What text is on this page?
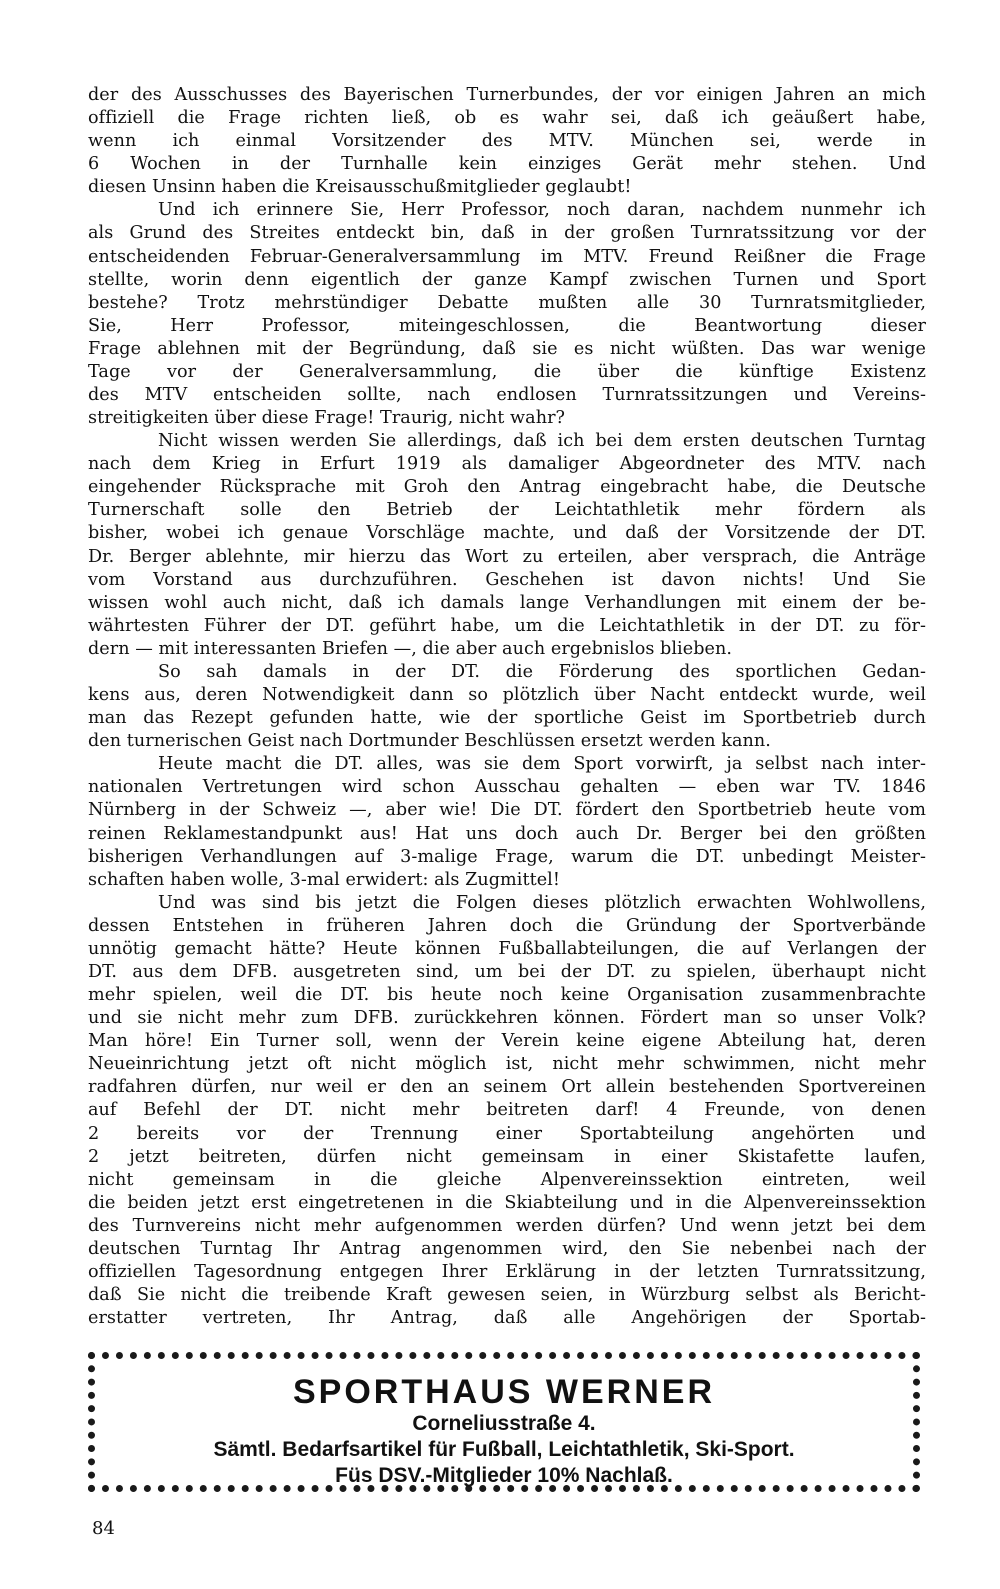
der des Ausschusses des Bayerischen Turnerbundes, der vor einigen Jahren an mich
offiziell die Frage richten ließ, ob es wahr sei, daß ich geäußert habe,
wenn ich einmal Vorsitzender des MTV. München sei, werde in
6 Wochen in der Turnhalle kein einziges Gerät mehr stehen. Und
diesen Unsinn haben die Kreisausschußmitglieder geglaubt!
Und ich erinnere Sie, Herr Professor, noch daran, nachdem nunmehr ich
als Grund des Streites entdeckt bin, daß in der großen Turnratssitzung vor der
entscheidenden Februar-Generalversammlung im MTV. Freund Reißner die Frage
stellte, worin denn eigentlich der ganze Kampf zwischen Turnen und Sport
bestehe? Trotz mehrstündiger Debatte mußten alle 30 Turnratsmitglieder,
Sie, Herr Professor, miteingeschlossen, die Beantwortung dieser
Frage ablehnen mit der Begründung, daß sie es nicht wüßten. Das war wenige
Tage vor der Generalversammlung, die über die künftige Existenz
des MTV entscheiden sollte, nach endlosen Turnratssitzungen und Vereins-
streitigkeiten über diese Frage! Traurig, nicht wahr?
Nicht wissen werden Sie allerdings, daß ich bei dem ersten deutschen Turntag
nach dem Krieg in Erfurt 1919 als damaliger Abgeordneter des MTV. nach
eingehender Rücksprache mit Groh den Antrag eingebracht habe, die Deutsche
Turnerschaft solle den Betrieb der Leichtathletik mehr fördern als
bisher, wobei ich genaue Vorschläge machte, und daß der Vorsitzende der DT.
Dr. Berger ablehnte, mir hierzu das Wort zu erteilen, aber versprach, die Anträge
vom Vorstand aus durchzuführen. Geschehen ist davon nichts! Und Sie
wissen wohl auch nicht, daß ich damals lange Verhandlungen mit einem der be-
währtesten Führer der DT. geführt habe, um die Leichtathletik in der DT. zu för-
dern — mit interessanten Briefen —, die aber auch ergebnislos blieben.
So sah damals in der DT. die Förderung des sportlichen Gedan-
kens aus, deren Notwendigkeit dann so plötzlich über Nacht entdeckt wurde, weil
man das Rezept gefunden hatte, wie der sportliche Geist im Sportbetrieb durch
den turnerischen Geist nach Dortmunder Beschlüssen ersetzt werden kann.
Heute macht die DT. alles, was sie dem Sport vorwirft, ja selbst nach inter-
nationalen Vertretungen wird schon Ausschau gehalten — eben war TV. 1846
Nürnberg in der Schweiz —, aber wie! Die DT. fördert den Sportbetrieb heute vom
reinen Reklamestandpunkt aus! Hat uns doch auch Dr. Berger bei den größten
bisherigen Verhandlungen auf 3-malige Frage, warum die DT. unbedingt Meister-
schaften haben wolle, 3-mal erwidert: als Zugmittel!
Und was sind bis jetzt die Folgen dieses plötzlich erwachten Wohlwollens,
dessen Entstehen in früheren Jahren doch die Gründung der Sportverbände
unnötig gemacht hätte? Heute können Fußballabteilungen, die auf Verlangen der
DT. aus dem DFB. ausgetreten sind, um bei der DT. zu spielen, überhaupt nicht
mehr spielen, weil die DT. bis heute noch keine Organisation zusammenbrachte
und sie nicht mehr zum DFB. zurückkehren können. Fördert man so unser Volk?
Man höre! Ein Turner soll, wenn der Verein keine eigene Abteilung hat, deren
Neueinrichtung jetzt oft nicht möglich ist, nicht mehr schwimmen, nicht mehr
radfahren dürfen, nur weil er den an seinem Ort allein bestehenden Sportvereinen
auf Befehl der DT. nicht mehr beitreten darf! 4 Freunde, von denen
2 bereits vor der Trennung einer Sportabteilung angehörten und
2 jetzt beitreten, dürfen nicht gemeinsam in einer Skistafette laufen,
nicht gemeinsam in die gleiche Alpenvereinssektion eintreten, weil
die beiden jetzt erst eingetretenen in die Skiabteilung und in die Alpenvereinssektion
des Turnvereins nicht mehr aufgenommen werden dürfen? Und wenn jetzt bei dem
deutschen Turntag Ihr Antrag angenommen wird, den Sie nebenbei nach der
offiziellen Tagesordnung entgegen Ihrer Erklärung in der letzten Turnratssitzung,
daß Sie nicht die treibende Kraft gewesen seien, in Würzburg selbst als Bericht-
erstatter vertreten, Ihr Antrag, daß alle Angehörigen der Sportab-
SPORTHAUS WERNER
Corneliusstraße 4.
Sämtl. Bedarfsartikel für Fußball, Leichtathletik, Ski-Sport.
Füs DSV.-Mitglieder 10% Nachlaß.
84
